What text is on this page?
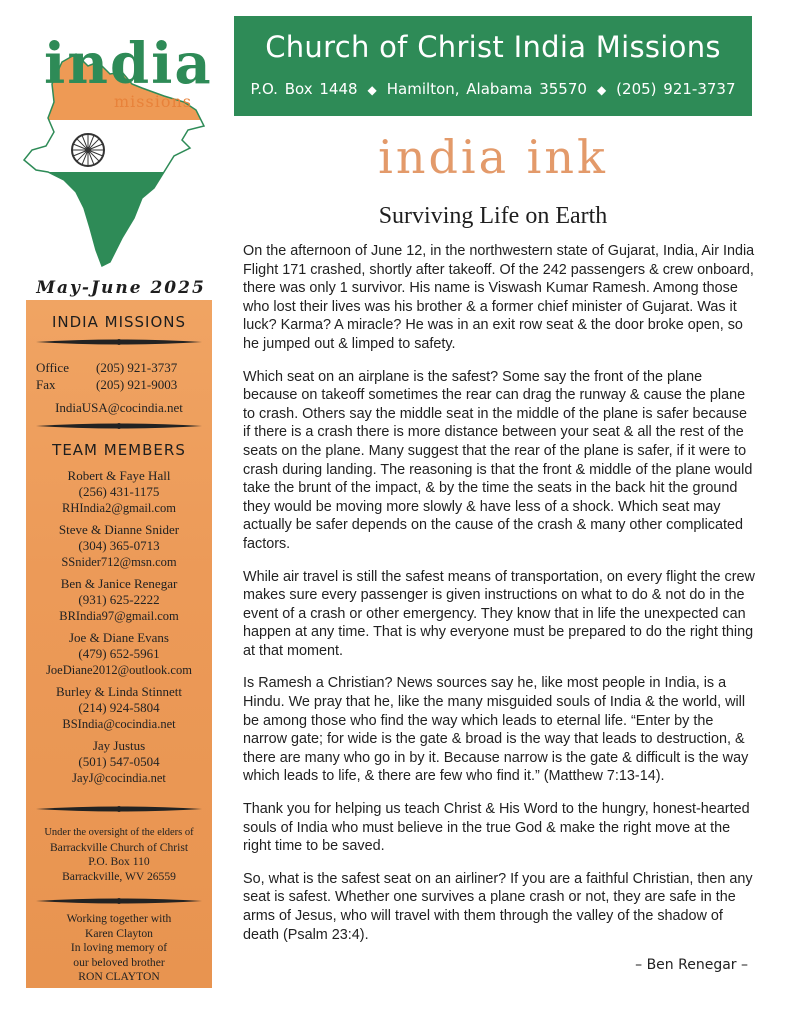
india
missions
Church of Christ India Missions
P.O. Box 1448 ◆ Hamilton, Alabama 35570 ◆ (205) 921-3737
india ink
May-June 2025
INDIA MISSIONS
Office (205) 921-3737
Fax	(205) 921-9003
IndiaUSA@cocindia.net
TEAM MEMBERS
Robert & Faye Hall
(256) 431-1175
RHIndia2@gmail.com
Steve & Dianne Snider
(304) 365-0713
SSnider712@msn.com
Ben & Janice Renegar
(931) 625-2222
BRIndia97@gmail.com
Joe & Diane Evans
(479) 652-5961
JoeDiane2012@outlook.com
Burley & Linda Stinnett
(214) 924-5804
BSIndia@cocindia.net
Jay Justus
(501) 547-0504
JayJ@cocindia.net
Under the oversight of the elders of
Barrackville Church of Christ
P.O. Box 110
Barrackville, WV 26559
Working together with
Karen Clayton
In loving memory of
our beloved brother
RON CLAYTON
Surviving Life on Earth

On the afternoon of June 12, in the northwestern state of Gujarat, India, Air India Flight 171 crashed, shortly after takeoff. Of the 242 passengers & crew onboard, there was only 1 survivor. His name is Viswash Kumar Ramesh. Among those who lost their lives was his brother & a former chief minister of Gujarat. Was it luck? Karma? A miracle? He was in an exit row seat & the door broke open, so he jumped out & limped to safety.

Which seat on an airplane is the safest? Some say the front of the plane because on takeoff sometimes the rear can drag the runway & cause the plane to crash. Others say the middle seat in the middle of the plane is safer because if there is a crash there is more distance between your seat & all the rest of the seats on the plane. Many suggest that the rear of the plane is safer, if it were to crash during landing. The reasoning is that the front & middle of the plane would take the brunt of the impact, & by the time the seats in the back hit the ground they would be moving more slowly & have less of a shock. Which seat may actually be safer depends on the cause of the crash & many other complicated factors.

While air travel is still the safest means of transportation, on every flight the crew makes sure every passenger is given instructions on what to do & not do in the event of a crash or other emergency. They know that in life the unexpected can happen at any time. That is why everyone must be prepared to do the right thing at that moment.

Is Ramesh a Christian? News sources say he, like most people in India, is a Hindu. We pray that he, like the many misguided souls of India & the world, will be among those who find the way which leads to eternal life. “Enter by the narrow gate; for wide is the gate & broad is the way that leads to destruction, & there are many who go in by it. Because narrow is the gate & difficult is the way which leads to life, & there are few who find it.” (Matthew 7:13-14).

Thank you for helping us teach Christ & His Word to the hungry, honest-hearted souls of India who must believe in the true God & make the right move at the right time to be saved.

So, what is the safest seat on an airliner? If you are a faithful Christian, then any seat is safest. Whether one survives a plane crash or not, they are safe in the arms of Jesus, who will travel with them through the valley of the shadow of death (Psalm 23:4).

– Ben Renegar –
